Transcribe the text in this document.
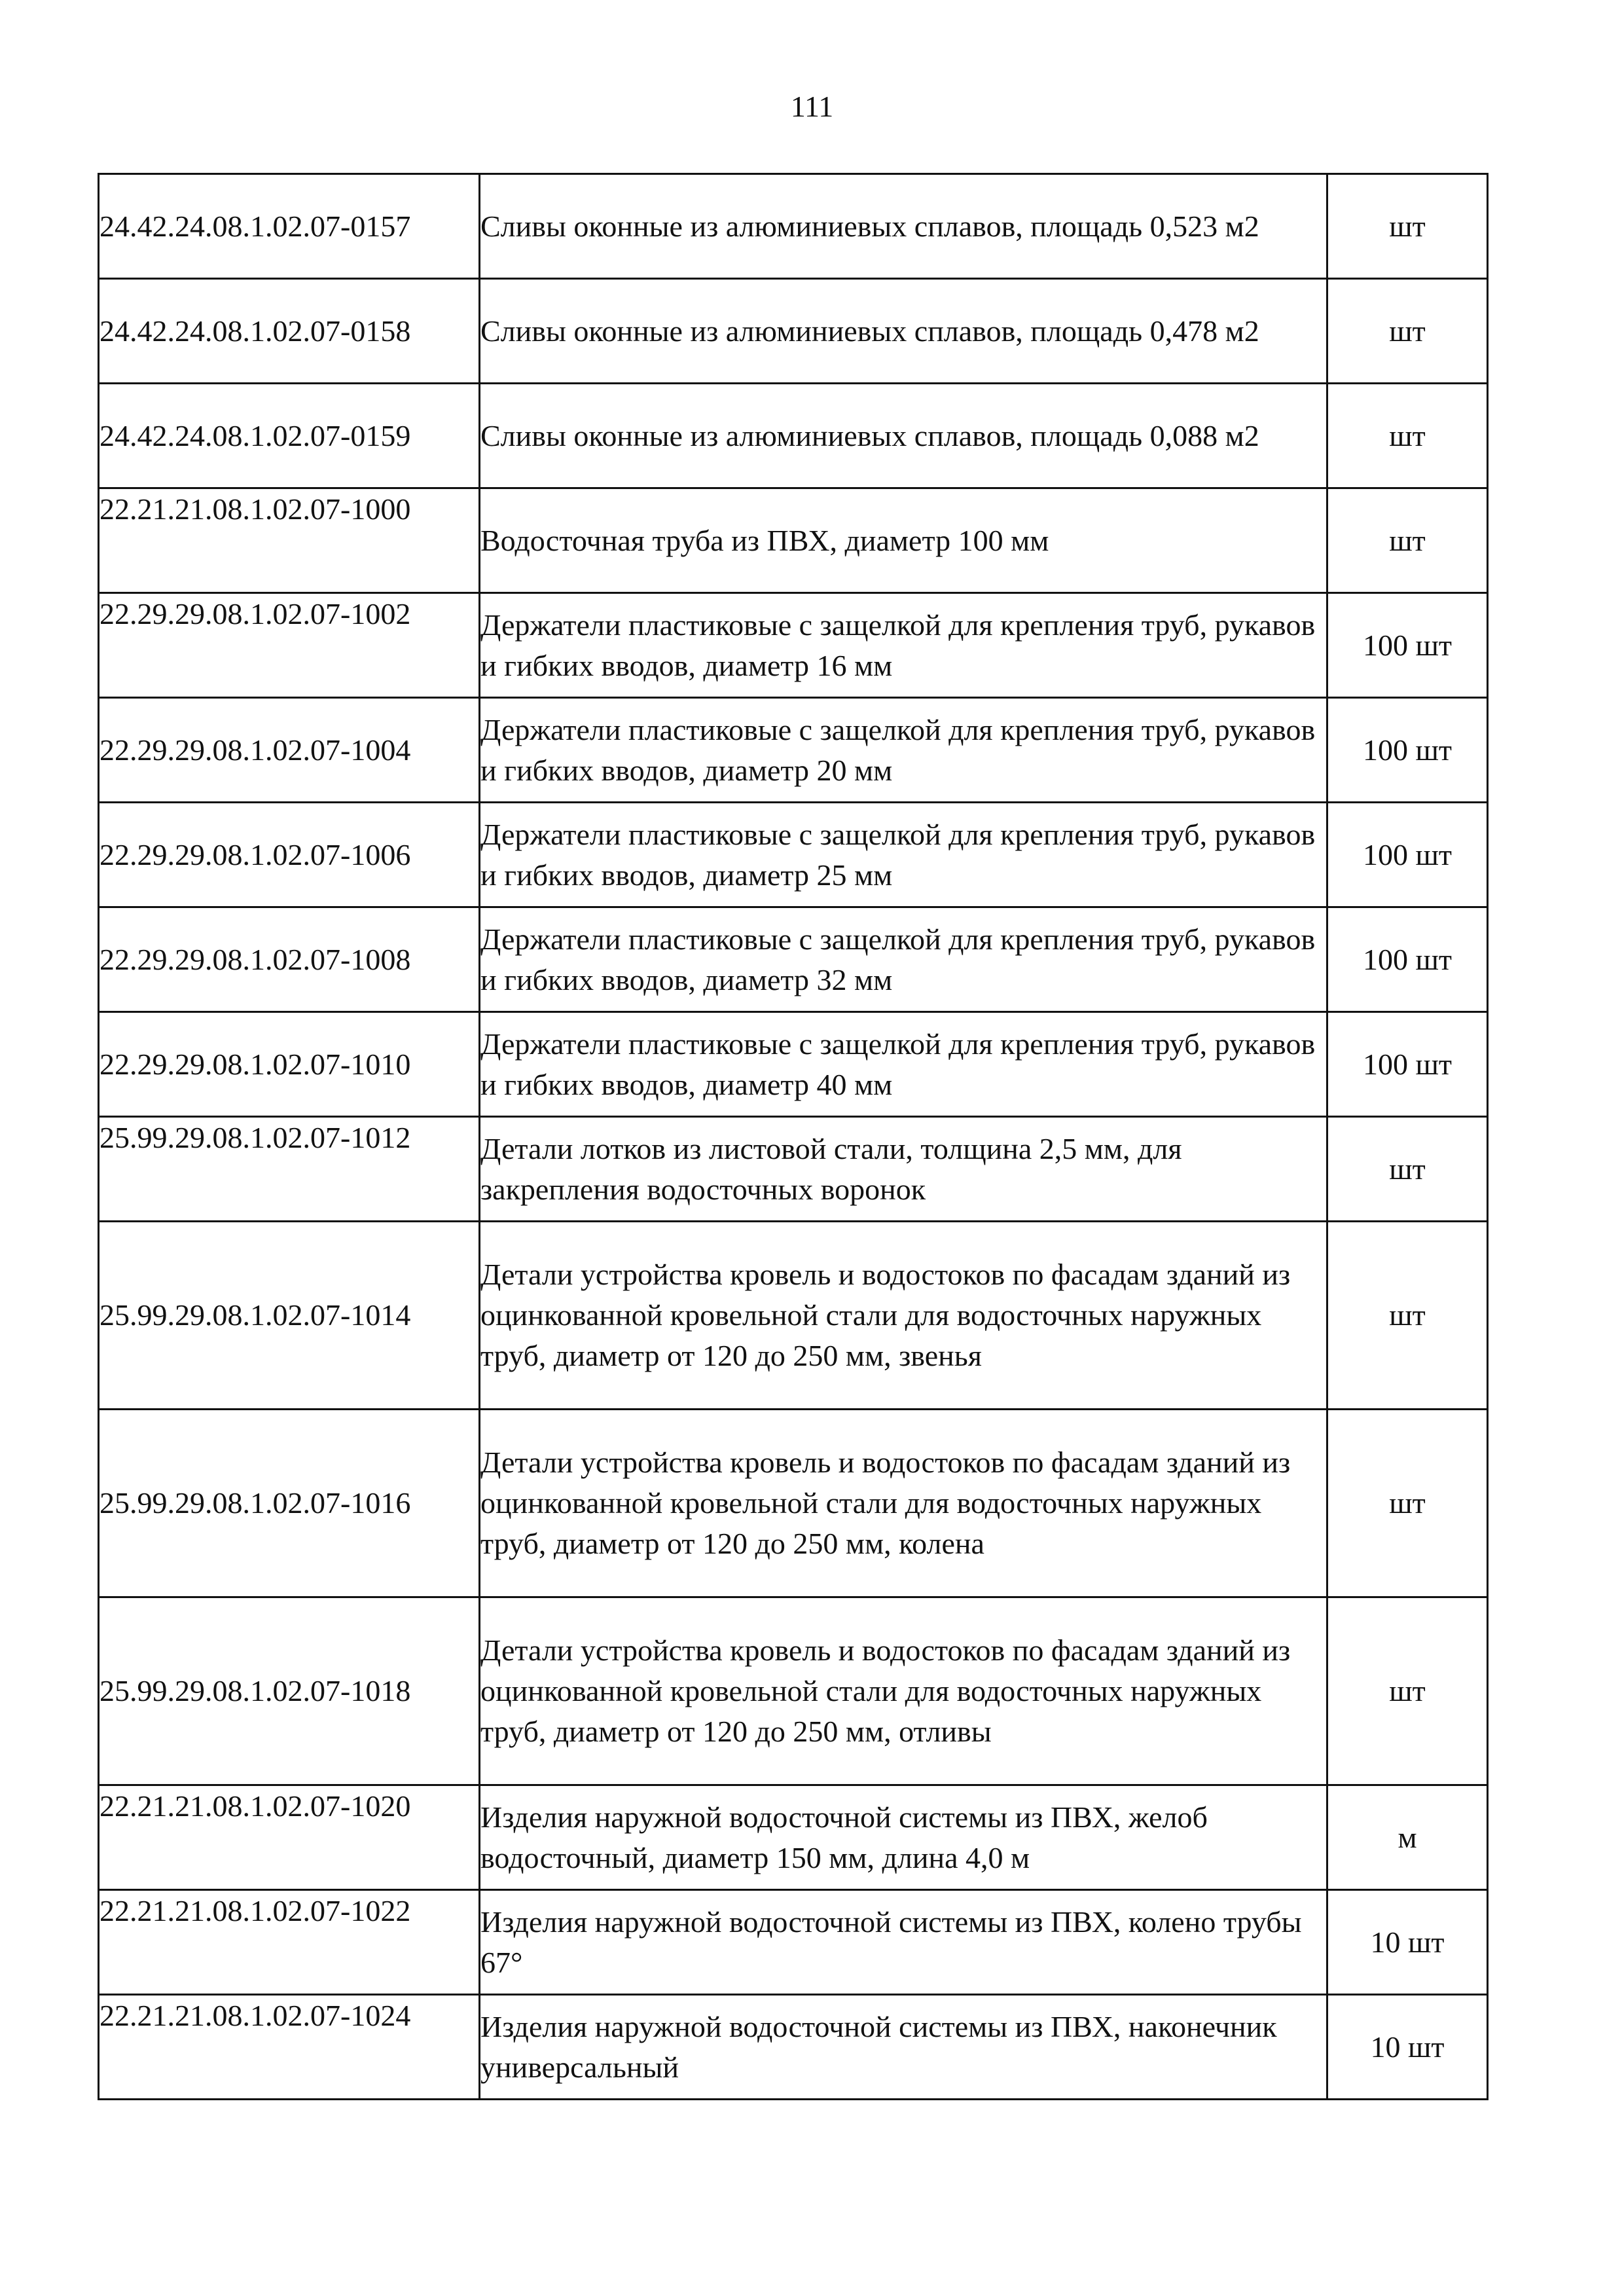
111
24.42.24.08.1.02.07-0157	Сливы оконные из алюминиевых сплавов, площадь 0,523 м2	шт
24.42.24.08.1.02.07-0158	Сливы оконные из алюминиевых сплавов, площадь 0,478 м2	шт
24.42.24.08.1.02.07-0159	Сливы оконные из алюминиевых сплавов, площадь 0,088 м2	шт
22.21.21.08.1.02.07-1000	Водосточная труба из ПВХ, диаметр 100 мм	шт
22.29.29.08.1.02.07-1002	Держатели пластиковые с защелкой для крепления труб, рукавов и гибких вводов, диаметр 16 мм	100 шт
22.29.29.08.1.02.07-1004	Держатели пластиковые с защелкой для крепления труб, рукавов и гибких вводов, диаметр 20 мм	100 шт
22.29.29.08.1.02.07-1006	Держатели пластиковые с защелкой для крепления труб, рукавов и гибких вводов, диаметр 25 мм	100 шт
22.29.29.08.1.02.07-1008	Держатели пластиковые с защелкой для крепления труб, рукавов и гибких вводов, диаметр 32 мм	100 шт
22.29.29.08.1.02.07-1010	Держатели пластиковые с защелкой для крепления труб, рукавов и гибких вводов, диаметр 40 мм	100 шт
25.99.29.08.1.02.07-1012	Детали лотков из листовой стали, толщина 2,5 мм, для закрепления водосточных воронок	шт
25.99.29.08.1.02.07-1014	Детали устройства кровель и водостоков по фасадам зданий из оцинкованной кровельной стали для водосточных наружных труб, диаметр от 120 до 250 мм, звенья	шт
25.99.29.08.1.02.07-1016	Детали устройства кровель и водостоков по фасадам зданий из оцинкованной кровельной стали для водосточных наружных труб, диаметр от 120 до 250 мм, колена	шт
25.99.29.08.1.02.07-1018	Детали устройства кровель и водостоков по фасадам зданий из оцинкованной кровельной стали для водосточных наружных труб, диаметр от 120 до 250 мм, отливы	шт
22.21.21.08.1.02.07-1020	Изделия наружной водосточной системы из ПВХ, желоб водосточный, диаметр 150 мм, длина 4,0 м	м
22.21.21.08.1.02.07-1022	Изделия наружной водосточной системы из ПВХ, колено трубы 67°	10 шт
22.21.21.08.1.02.07-1024	Изделия наружной водосточной системы из ПВХ, наконечник универсальный	10 шт
